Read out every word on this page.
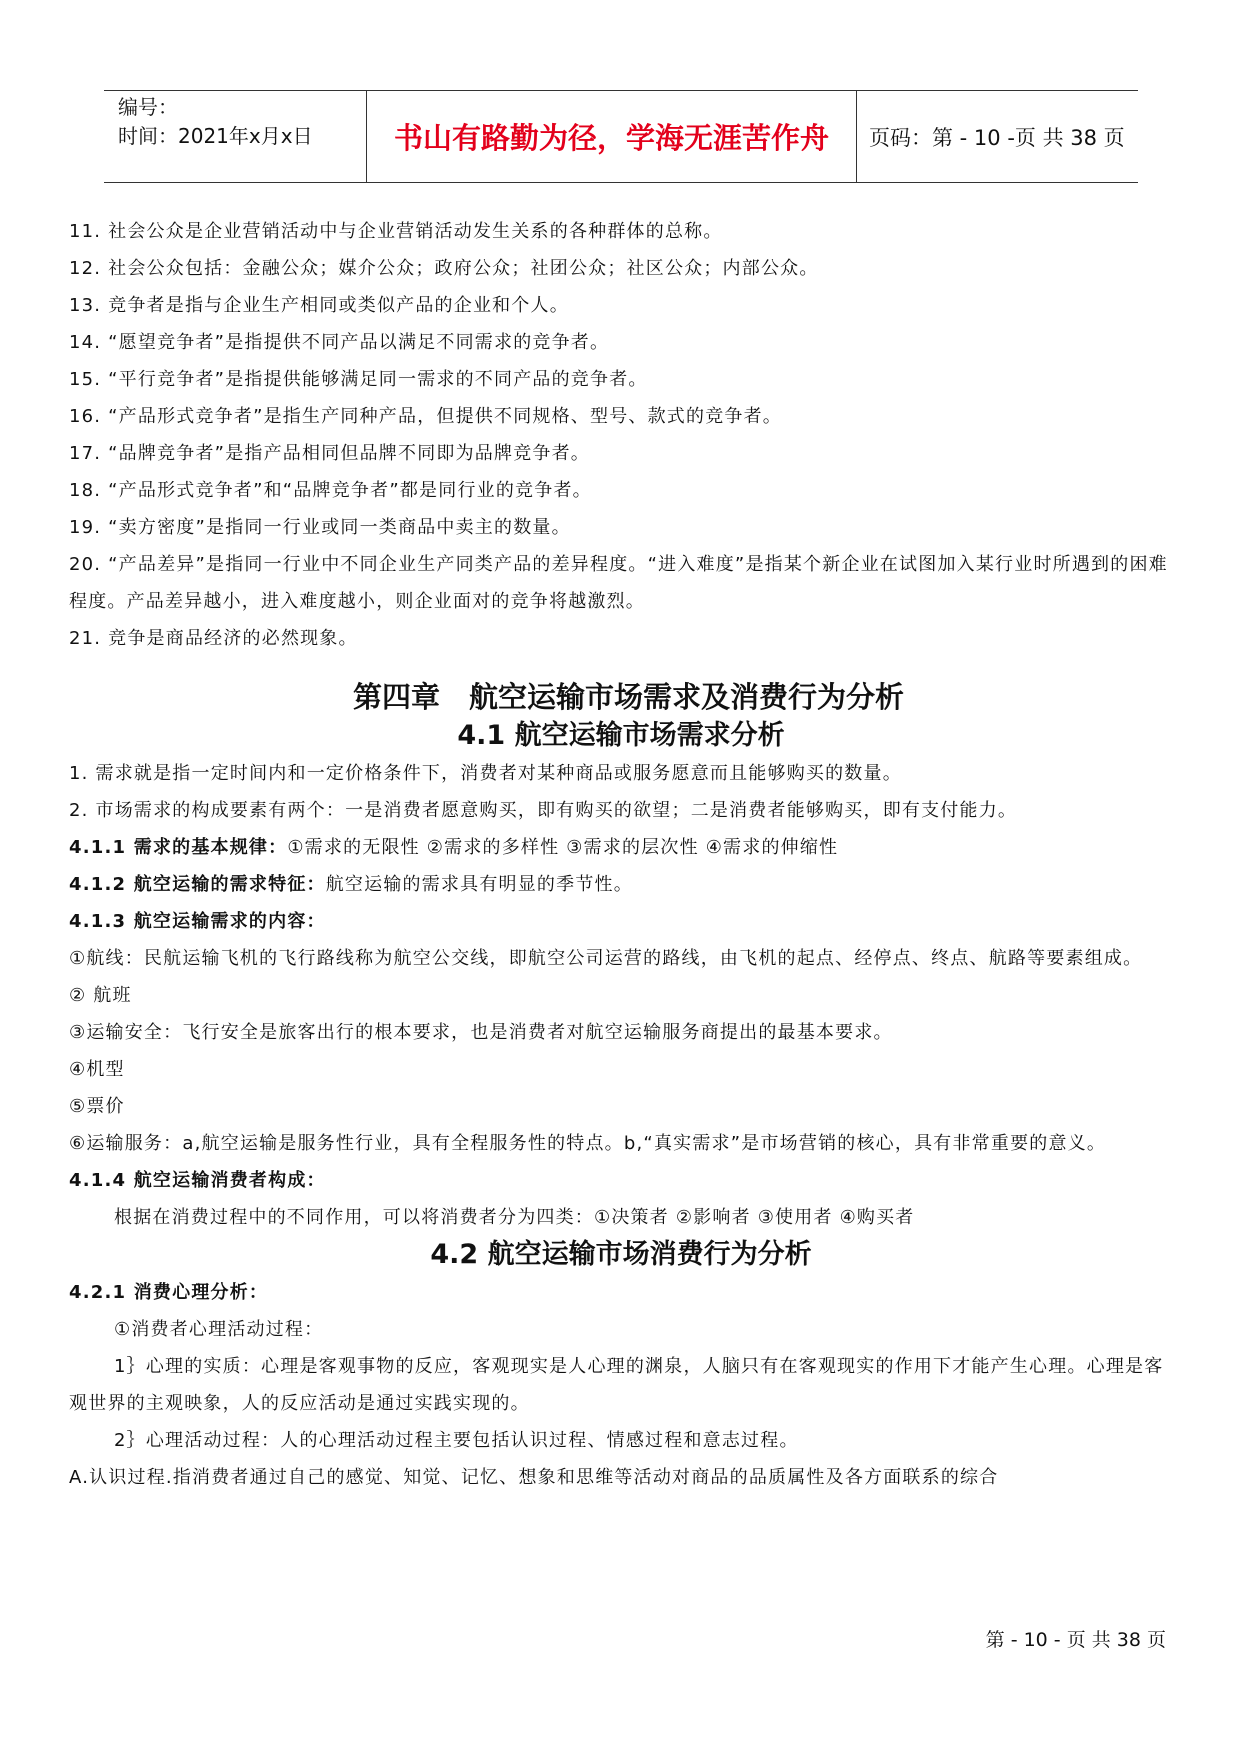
编号：
时间：2021年x月x日	书山有路勤为径，学海无涯苦作舟	页码：第 - 10 -页 共 38 页

11. 社会公众是企业营销活动中与企业营销活动发生关系的各种群体的总称。

12. 社会公众包括：金融公众；媒介公众；政府公众；社团公众；社区公众；内部公众。

13. 竞争者是指与企业生产相同或类似产品的企业和个人。

14. “愿望竞争者”是指提供不同产品以满足不同需求的竞争者。

15. “平行竞争者”是指提供能够满足同一需求的不同产品的竞争者。

16. “产品形式竞争者”是指生产同种产品，但提供不同规格、型号、款式的竞争者。

17. “品牌竞争者”是指产品相同但品牌不同即为品牌竞争者。

18. “产品形式竞争者”和“品牌竞争者”都是同行业的竞争者。

19. “卖方密度”是指同一行业或同一类商品中卖主的数量。

20. “产品差异”是指同一行业中不同企业生产同类产品的差异程度。“进入难度”是指某个新企业在试图加入某行业时所遇到的困难程度。产品差异越小，进入难度越小，则企业面对的竞争将越激烈。

21. 竞争是商品经济的必然现象。

第四章　航空运输市场需求及消费行为分析
4.1 航空运输市场需求分析

1. 需求就是指一定时间内和一定价格条件下，消费者对某种商品或服务愿意而且能够购买的数量。

2. 市场需求的构成要素有两个：一是消费者愿意购买，即有购买的欲望；二是消费者能够购买，即有支付能力。

4.1.1 需求的基本规律：①需求的无限性 ②需求的多样性 ③需求的层次性 ④需求的伸缩性

4.1.2 航空运输的需求特征：航空运输的需求具有明显的季节性。

4.1.3 航空运输需求的内容：

①航线：民航运输飞机的飞行路线称为航空公交线，即航空公司运营的路线，由飞机的起点、经停点、终点、航路等要素组成。

② 航班

③运输安全：飞行安全是旅客出行的根本要求，也是消费者对航空运输服务商提出的最基本要求。

④机型

⑤票价

⑥运输服务：a,航空运输是服务性行业，具有全程服务性的特点。b,“真实需求”是市场营销的核心，具有非常重要的意义。

4.1.4 航空运输消费者构成：

根据在消费过程中的不同作用，可以将消费者分为四类：①决策者 ②影响者 ③使用者 ④购买者

4.2 航空运输市场消费行为分析

4.2.1 消费心理分析：

①消费者心理活动过程：

1｝心理的实质：心理是客观事物的反应，客观现实是人心理的渊泉，人脑只有在客观现实的作用下才能产生心理。心理是客观世界的主观映象，人的反应活动是通过实践实现的。

2｝心理活动过程：人的心理活动过程主要包括认识过程、情感过程和意志过程。

A.认识过程.指消费者通过自己的感觉、知觉、记忆、想象和思维等活动对商品的品质属性及各方面联系的综合

第 - 10 - 页 共 38 页
